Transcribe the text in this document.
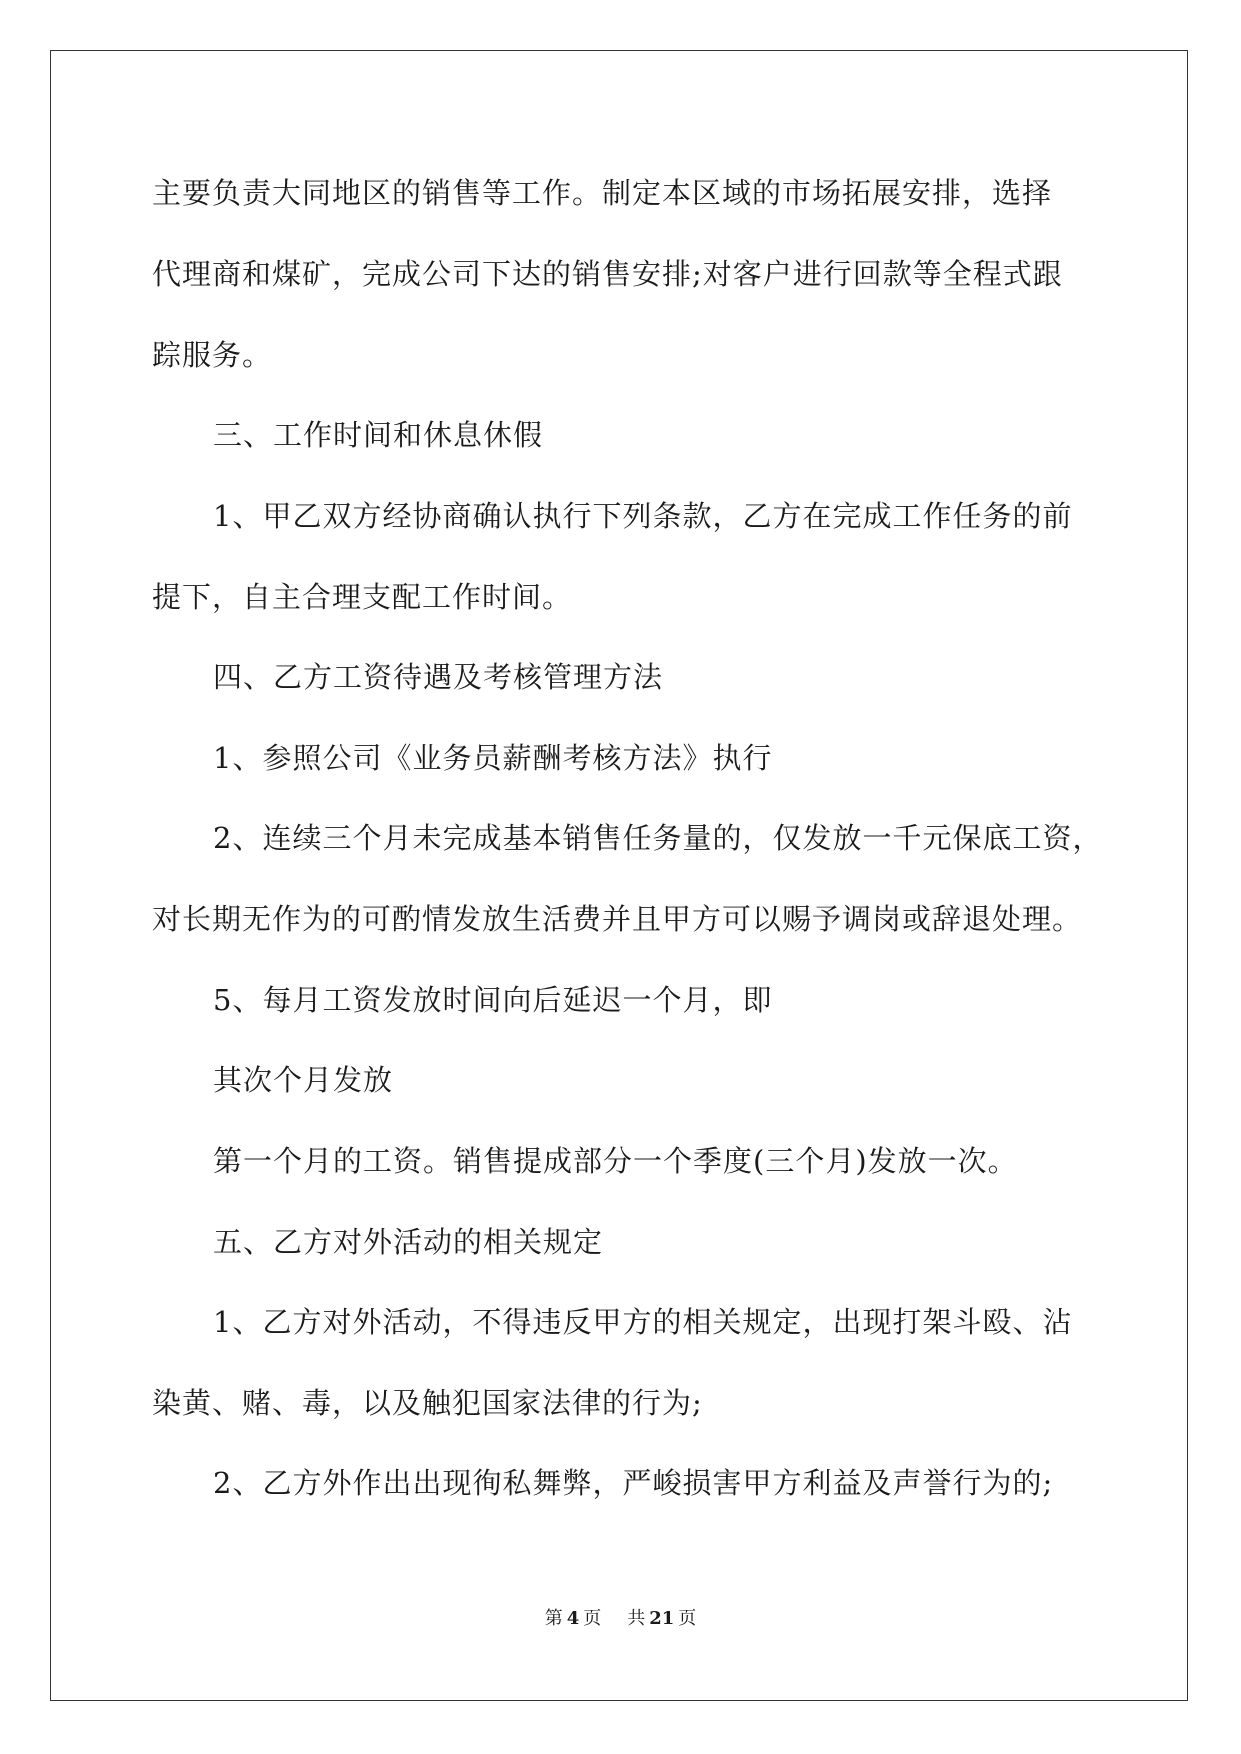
主要负责大同地区的销售等工作。制定本区域的市场拓展安排，选择
代理商和煤矿，完成公司下达的销售安排;对客户进行回款等全程式跟
踪服务。
三、工作时间和休息休假
1、甲乙双方经协商确认执行下列条款，乙方在完成工作任务的前
提下，自主合理支配工作时间。
四、乙方工资待遇及考核管理方法
1、参照公司《业务员薪酬考核方法》执行
2、连续三个月未完成基本销售任务量的，仅发放一千元保底工资，
对长期无作为的可酌情发放生活费并且甲方可以赐予调岗或辞退处理。
5、每月工资发放时间向后延迟一个月，即
其次个月发放
第一个月的工资。销售提成部分一个季度(三个月)发放一次。
五、乙方对外活动的相关规定
1、乙方对外活动，不得违反甲方的相关规定，出现打架斗殴、沾
染黄、赌、毒，以及触犯国家法律的行为;
2、乙方外作出出现徇私舞弊，严峻损害甲方利益及声誉行为的;
第 4 页 共 21 页
